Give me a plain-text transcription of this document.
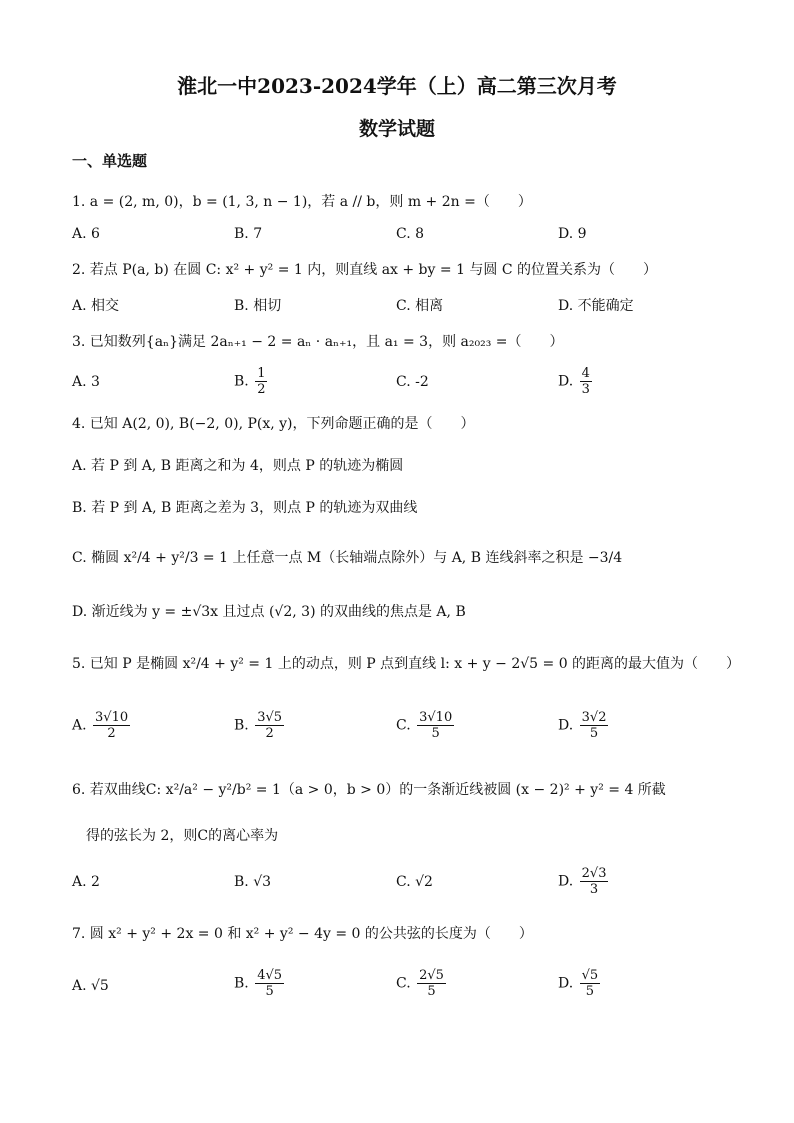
淮北一中2023-2024学年（上）高二第三次月考
数学试题
一、单选题
1. a = (2, m, 0)，b = (1, 3, n − 1)，若 a // b，则 m + 2n =（　　）
A. 6	B. 7	C. 8	D. 9
2. 若点 P(a, b) 在圆 C: x² + y² = 1 内，则直线 ax + by = 1 与圆 C 的位置关系为（　　）
A. 相交	B. 相切	C. 相离	D. 不能确定
3. 已知数列{aₙ}满足 2aₙ₊₁ − 2 = aₙ · aₙ₊₁，且 a₁ = 3，则 a₂₀₂₃ =（　　）
A. 3	B. $\frac{1}{2}$	C. -2	D. $\frac{4}{3}$
4. 已知 A(2, 0), B(−2, 0), P(x, y)，下列命题正确的是（　　）
A. 若 P 到 A, B 距离之和为 4，则点 P 的轨迹为椭圆
B. 若 P 到 A, B 距离之差为 3，则点 P 的轨迹为双曲线
C. 椭圆 x²/4 + y²/3 = 1 上任意一点 M（长轴端点除外）与 A, B 连线斜率之积是 −3/4
D. 渐近线为 y = ±√3x 且过点 (√2, 3) 的双曲线的焦点是 A, B
5. 已知 P 是椭圆 x²/4 + y² = 1 上的动点，则 P 点到直线 l: x + y − 2√5 = 0 的距离的最大值为（　　）
A. $\frac{3√10}{2}$	B. $\frac{3√5}{2}$	C. $\frac{3√10}{5}$	D. $\frac{3√2}{5}$
6. 若双曲线C: x²/a² − y²/b² = 1（a > 0，b > 0）的一条渐近线被圆 (x − 2)² + y² = 4 所截
得的弦长为 2，则C的离心率为
A. 2	B. √3	C. √2	D. $\frac{2√3}{3}$
7. 圆 x² + y² + 2x = 0 和 x² + y² − 4y = 0 的公共弦的长度为（　　）
A. √5	B. $\frac{4√5}{5}$	C. $\frac{2√5}{5}$	D. $\frac{√5}{5}$
